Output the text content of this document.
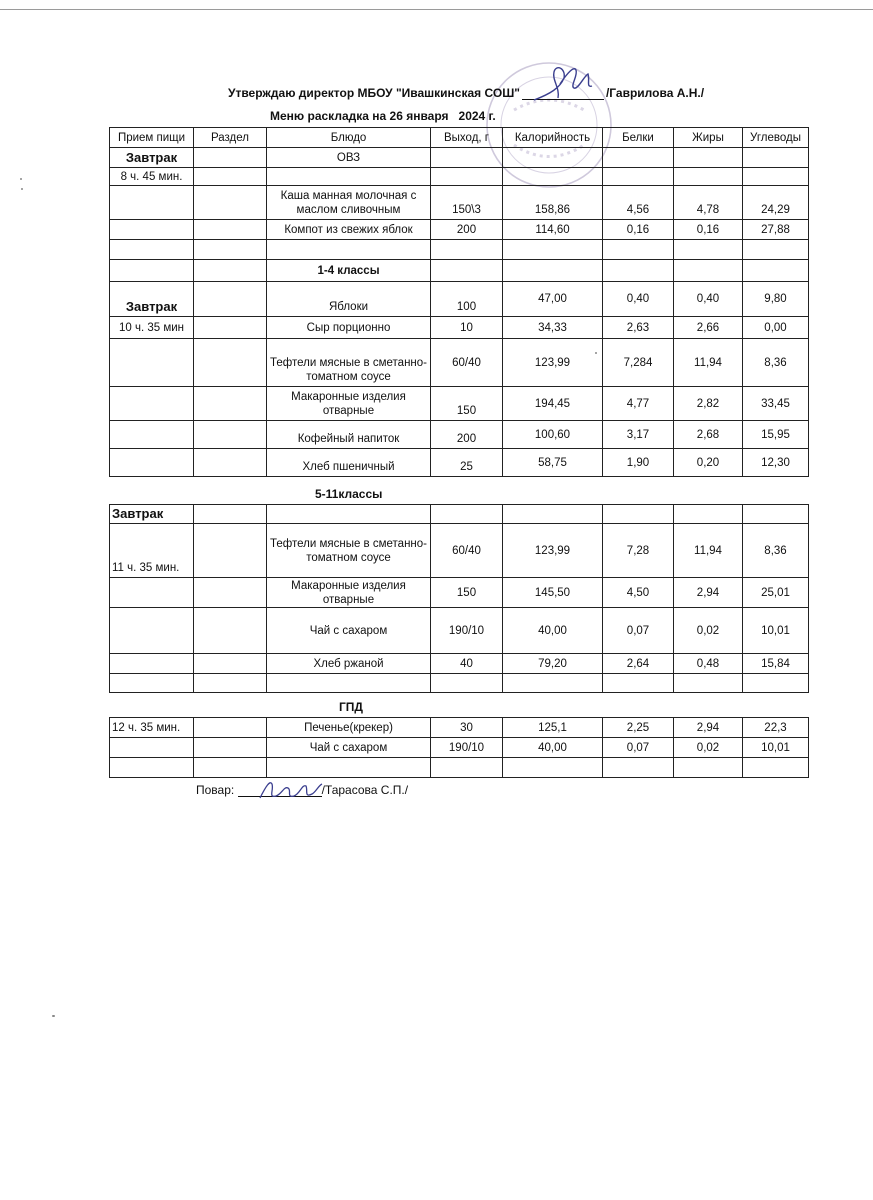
Утверждаю директор МБОУ "Ивашкинская СОШ"	/Гаврилова А.Н./
Меню раскладка на 26 января   2024 г.
Прием пищи	Раздел	Блюдо	Выход, г	Калорийность	Белки	Жиры	Углеводы
Завтрак		ОВЗ					
8 ч. 45 мин.							
		Каша манная молочная с маслом сливочным	150\3	158,86	4,56	4,78	24,29
		Компот из свежих яблок	200	114,60	0,16	0,16	27,88

		1-4 классы					
Завтрак		Яблоки	100	47,00	0,40	0,40	9,80
10 ч. 35 мин		Сыр порционно	10	34,33	2,63	2,66	0,00
		Тефтели мясные в сметанно-томатном соусе	60/40	123,99	7,284	11,94	8,36
		Макаронные изделия отварные	150	194,45	4,77	2,82	33,45
		Кофейный напиток	200	100,60	3,17	2,68	15,95
		Хлеб пшеничный	25	58,75	1,90	0,20	12,30
5-11классы
Завтрак							
11 ч. 35 мин.		Тефтели мясные в сметанно-томатном соусе	60/40	123,99	7,28	11,94	8,36
		Макаронные изделия отварные	150	145,50	4,50	2,94	25,01
		Чай с сахаром	190/10	40,00	0,07	0,02	10,01
		Хлеб ржаной	40	79,20	2,64	0,48	15,84

ГПД
12 ч. 35 мин.		Печенье(крекер)	30	125,1	2,25	2,94	22,3
		Чай с сахаром	190/10	40,00	0,07	0,02	10,01

Повар:	/Тарасова С.П./
